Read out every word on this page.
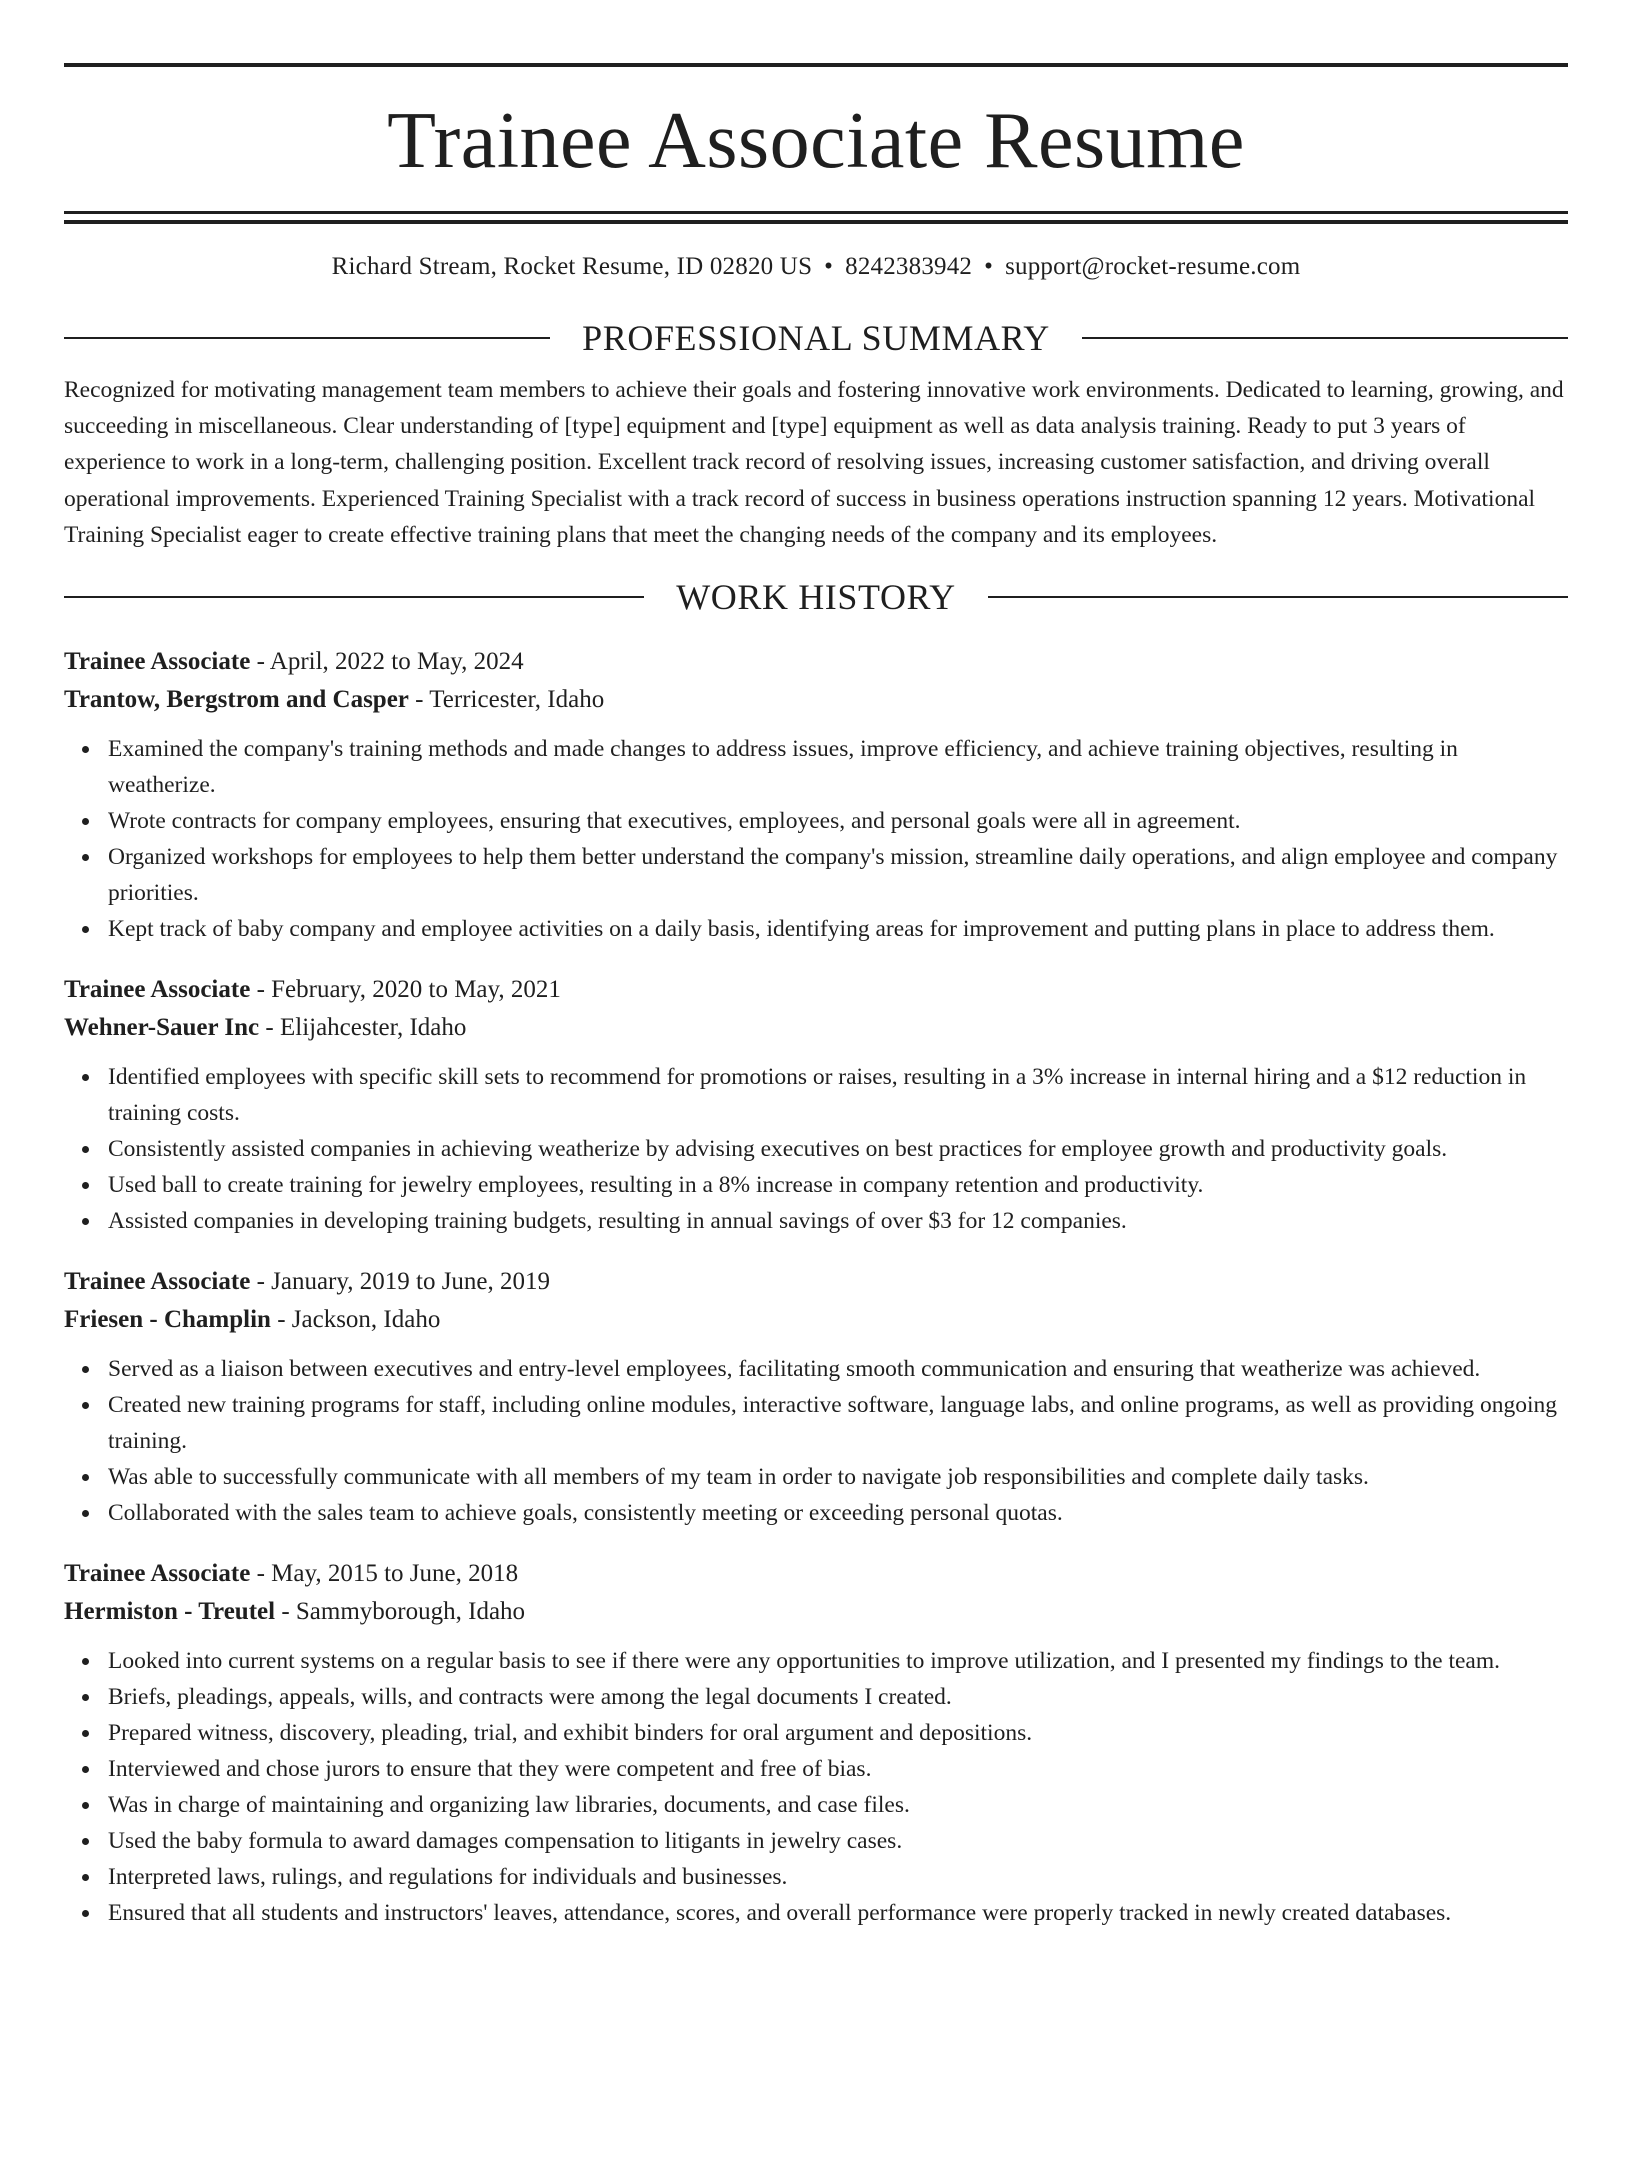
Trainee Associate Resume
Richard Stream, Rocket Resume, ID 02820 US • 8242383942 • support@rocket-resume.com
PROFESSIONAL SUMMARY

Recognized for motivating management team members to achieve their goals and fostering innovative work environments. Dedicated to learning, growing, and succeeding in miscellaneous. Clear understanding of [type] equipment and [type] equipment as well as data analysis training. Ready to put 3 years of experience to work in a long-term, challenging position. Excellent track record of resolving issues, increasing customer satisfaction, and driving overall operational improvements. Experienced Training Specialist with a track record of success in business operations instruction spanning 12 years. Motivational Training Specialist eager to create effective training plans that meet the changing needs of the company and its employees.

WORK HISTORY
Trainee Associate - April, 2022 to May, 2024
Trantow, Bergstrom and Casper - Terricester, Idaho
Examined the company's training methods and made changes to address issues, improve efficiency, and achieve training objectives, resulting in weatherize.
Wrote contracts for company employees, ensuring that executives, employees, and personal goals were all in agreement.
Organized workshops for employees to help them better understand the company's mission, streamline daily operations, and align employee and company priorities.
Kept track of baby company and employee activities on a daily basis, identifying areas for improvement and putting plans in place to address them.
Trainee Associate - February, 2020 to May, 2021
Wehner-Sauer Inc - Elijahcester, Idaho
Identified employees with specific skill sets to recommend for promotions or raises, resulting in a 3% increase in internal hiring and a $12 reduction in training costs.
Consistently assisted companies in achieving weatherize by advising executives on best practices for employee growth and productivity goals.
Used ball to create training for jewelry employees, resulting in a 8% increase in company retention and productivity.
Assisted companies in developing training budgets, resulting in annual savings of over $3 for 12 companies.
Trainee Associate - January, 2019 to June, 2019
Friesen - Champlin - Jackson, Idaho
Served as a liaison between executives and entry-level employees, facilitating smooth communication and ensuring that weatherize was achieved.
Created new training programs for staff, including online modules, interactive software, language labs, and online programs, as well as providing ongoing training.
Was able to successfully communicate with all members of my team in order to navigate job responsibilities and complete daily tasks.
Collaborated with the sales team to achieve goals, consistently meeting or exceeding personal quotas.
Trainee Associate - May, 2015 to June, 2018
Hermiston - Treutel - Sammyborough, Idaho
Looked into current systems on a regular basis to see if there were any opportunities to improve utilization, and I presented my findings to the team.
Briefs, pleadings, appeals, wills, and contracts were among the legal documents I created.
Prepared witness, discovery, pleading, trial, and exhibit binders for oral argument and depositions.
Interviewed and chose jurors to ensure that they were competent and free of bias.
Was in charge of maintaining and organizing law libraries, documents, and case files.
Used the baby formula to award damages compensation to litigants in jewelry cases.
Interpreted laws, rulings, and regulations for individuals and businesses.
Ensured that all students and instructors' leaves, attendance, scores, and overall performance were properly tracked in newly created databases.
